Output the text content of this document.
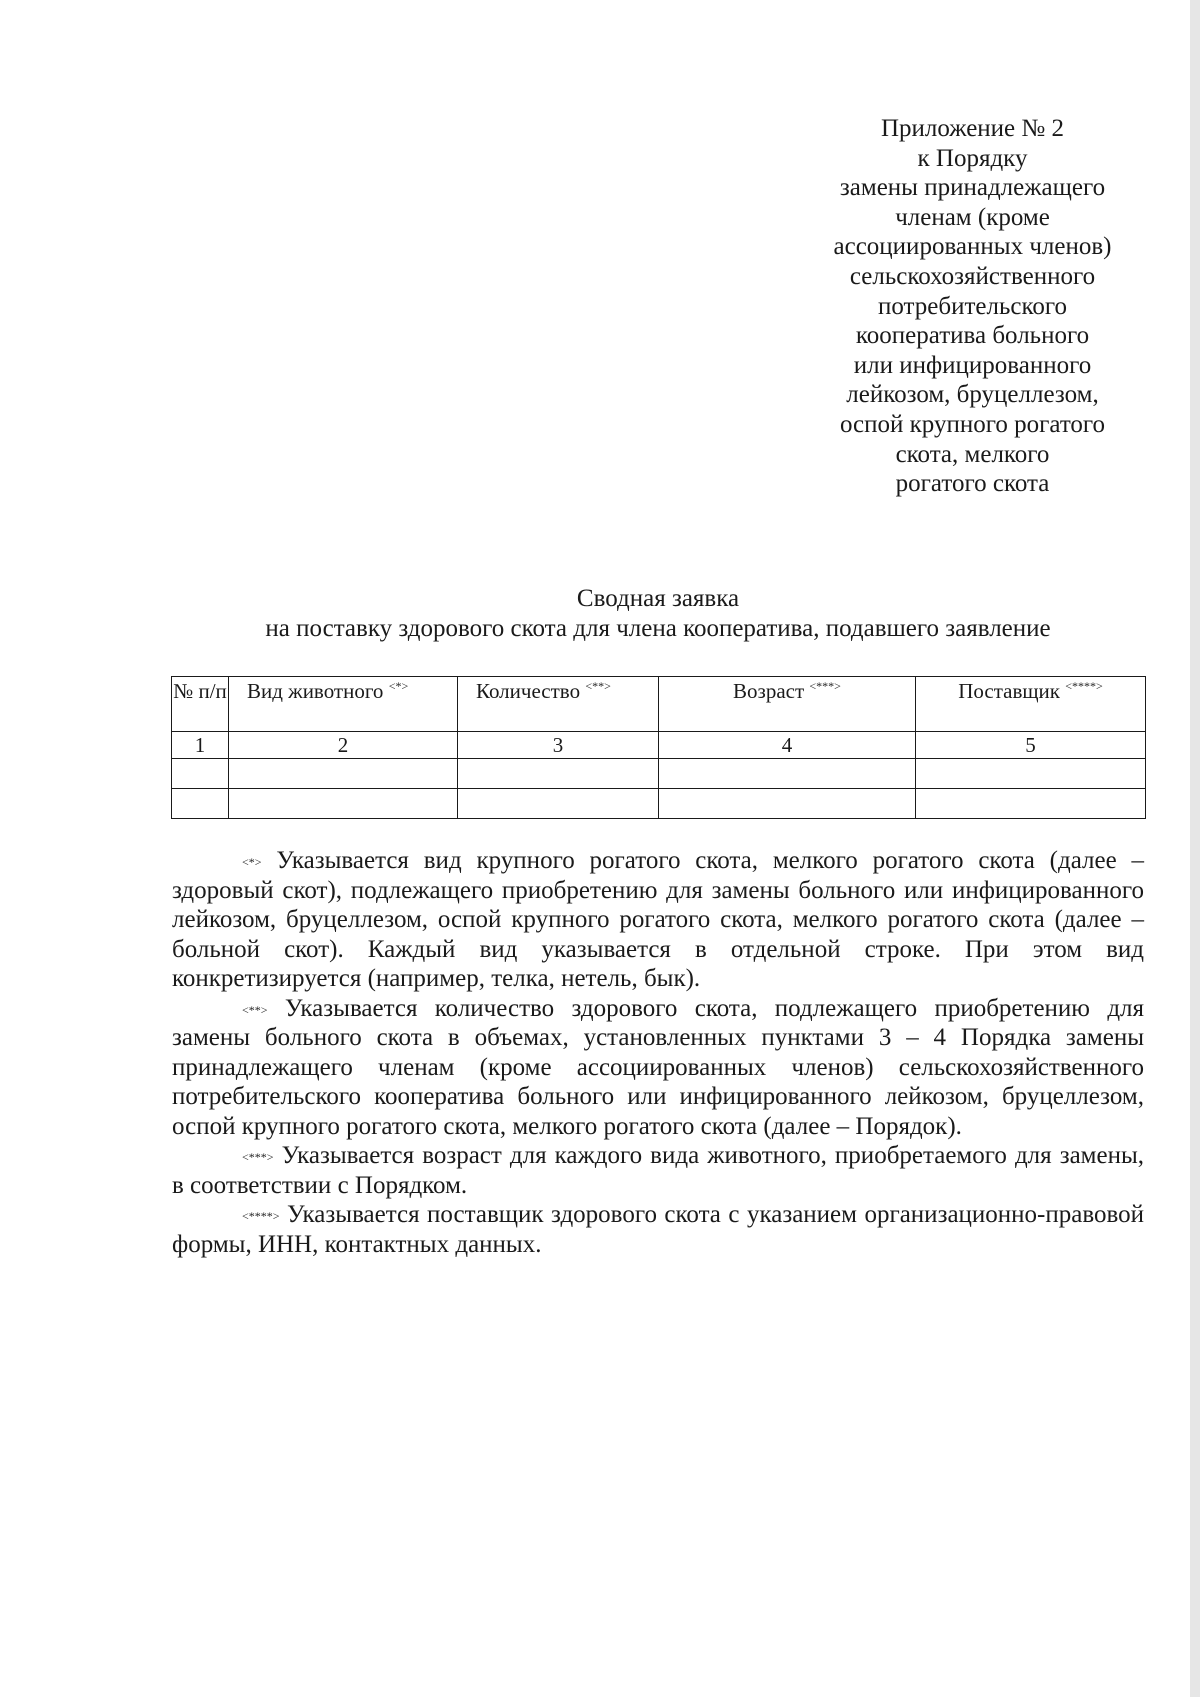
Приложение № 2
к Порядку
замены принадлежащего
членам (кроме
ассоциированных членов)
сельскохозяйственного
потребительского
кооператива больного
или инфицированного
лейкозом, бруцеллезом,
оспой крупного рогатого
скота, мелкого
рогатого скота
Сводная заявка
на поставку здорового скота для члена кооператива, подавшего заявление
№ п/п	Вид животного <*>	Количество <**>	Возраст <***>	Поставщик <****>
1	2	3	4	5

<*> Указывается вид крупного рогатого скота, мелкого рогатого скота (далее – здоровый скот), подлежащего приобретению для замены больного или инфицированного лейкозом, бруцеллезом, оспой крупного рогатого скота, мелкого рогатого скота (далее – больной скот). Каждый вид указывается в отдельной строке. При этом вид конкретизируется (например, телка, нетель, бык).

<**> Указывается количество здорового скота, подлежащего приобретению для замены больного скота в объемах, установленных пунктами 3 – 4 Порядка замены принадлежащего членам (кроме ассоциированных членов) сельскохозяйственного потребительского кооператива больного или инфицированного лейкозом, бруцеллезом, оспой крупного рогатого скота, мелкого рогатого скота (далее – Порядок).

<***> Указывается возраст для каждого вида животного, приобретаемого для замены, в соответствии с Порядком.

<****> Указывается поставщик здорового скота с указанием организационно-правовой формы, ИНН, контактных данных.
